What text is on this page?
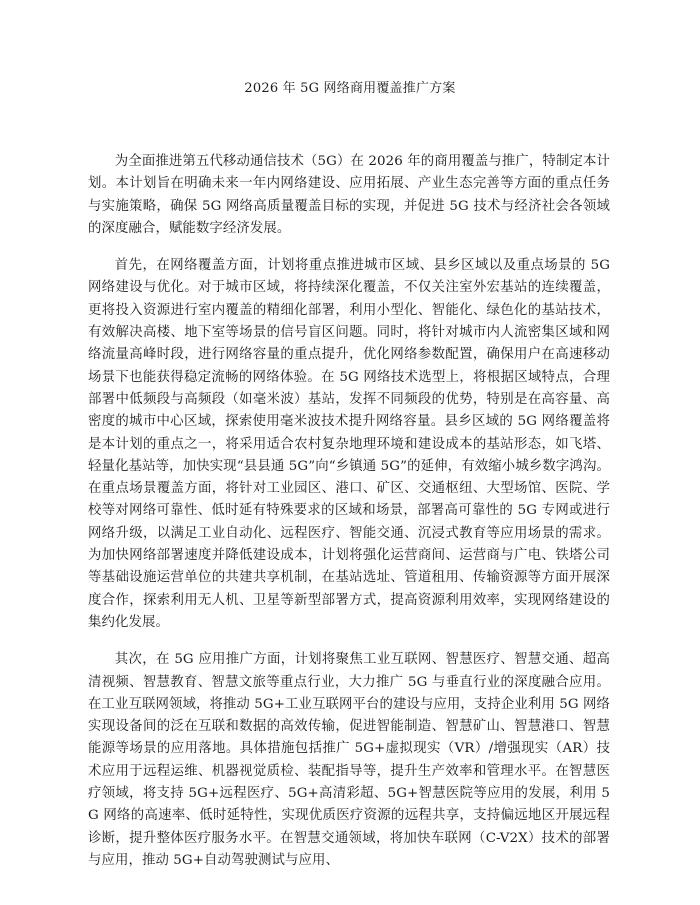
2026 年 5G 网络商用覆盖推广方案

为全面推进第五代移动通信技术（5G）在 2026 年的商用覆盖与推广，特制定本计划。本计划旨在明确未来一年内网络建设、应用拓展、产业生态完善等方面的重点任务与实施策略，确保 5G 网络高质量覆盖目标的实现，并促进 5G 技术与经济社会各领域的深度融合，赋能数字经济发展。

首先，在网络覆盖方面，计划将重点推进城市区域、县乡区域以及重点场景的 5G 网络建设与优化。对于城市区域，将持续深化覆盖，不仅关注室外宏基站的连续覆盖，更将投入资源进行室内覆盖的精细化部署，利用小型化、智能化、绿色化的基站技术，有效解决高楼、地下室等场景的信号盲区问题。同时，将针对城市内人流密集区域和网络流量高峰时段，进行网络容量的重点提升，优化网络参数配置，确保用户在高速移动场景下也能获得稳定流畅的网络体验。在 5G 网络技术选型上，将根据区域特点，合理部署中低频段与高频段（如毫米波）基站，发挥不同频段的优势，特别是在高容量、高密度的城市中心区域，探索使用毫米波技术提升网络容量。县乡区域的 5G 网络覆盖将是本计划的重点之一，将采用适合农村复杂地理环境和建设成本的基站形态，如飞塔、轻量化基站等，加快实现“县县通 5G”向“乡镇通 5G”的延伸，有效缩小城乡数字鸿沟。在重点场景覆盖方面，将针对工业园区、港口、矿区、交通枢纽、大型场馆、医院、学校等对网络可靠性、低时延有特殊要求的区域和场景，部署高可靠性的 5G 专网或进行网络升级，以满足工业自动化、远程医疗、智能交通、沉浸式教育等应用场景的需求。为加快网络部署速度并降低建设成本，计划将强化运营商间、运营商与广电、铁塔公司等基础设施运营单位的共建共享机制，在基站选址、管道租用、传输资源等方面开展深度合作，探索利用无人机、卫星等新型部署方式，提高资源利用效率，实现网络建设的集约化发展。

其次，在 5G 应用推广方面，计划将聚焦工业互联网、智慧医疗、智慧交通、超高清视频、智慧教育、智慧文旅等重点行业，大力推广 5G 与垂直行业的深度融合应用。在工业互联网领域，将推动 5G+工业互联网平台的建设与应用，支持企业利用 5G 网络实现设备间的泛在互联和数据的高效传输，促进智能制造、智慧矿山、智慧港口、智慧能源等场景的应用落地。具体措施包括推广 5G+虚拟现实（VR）/增强现实（AR）技术应用于远程运维、机器视觉质检、装配指导等，提升生产效率和管理水平。在智慧医疗领域，将支持 5G+远程医疗、5G+高清彩超、5G+智慧医院等应用的发展，利用 5G 网络的高速率、低时延特性，实现优质医疗资源的远程共享，支持偏远地区开展远程诊断，提升整体医疗服务水平。在智慧交通领域，将加快车联网（C-V2X）技术的部署与应用，推动 5G+自动驾驶测试与应用、
